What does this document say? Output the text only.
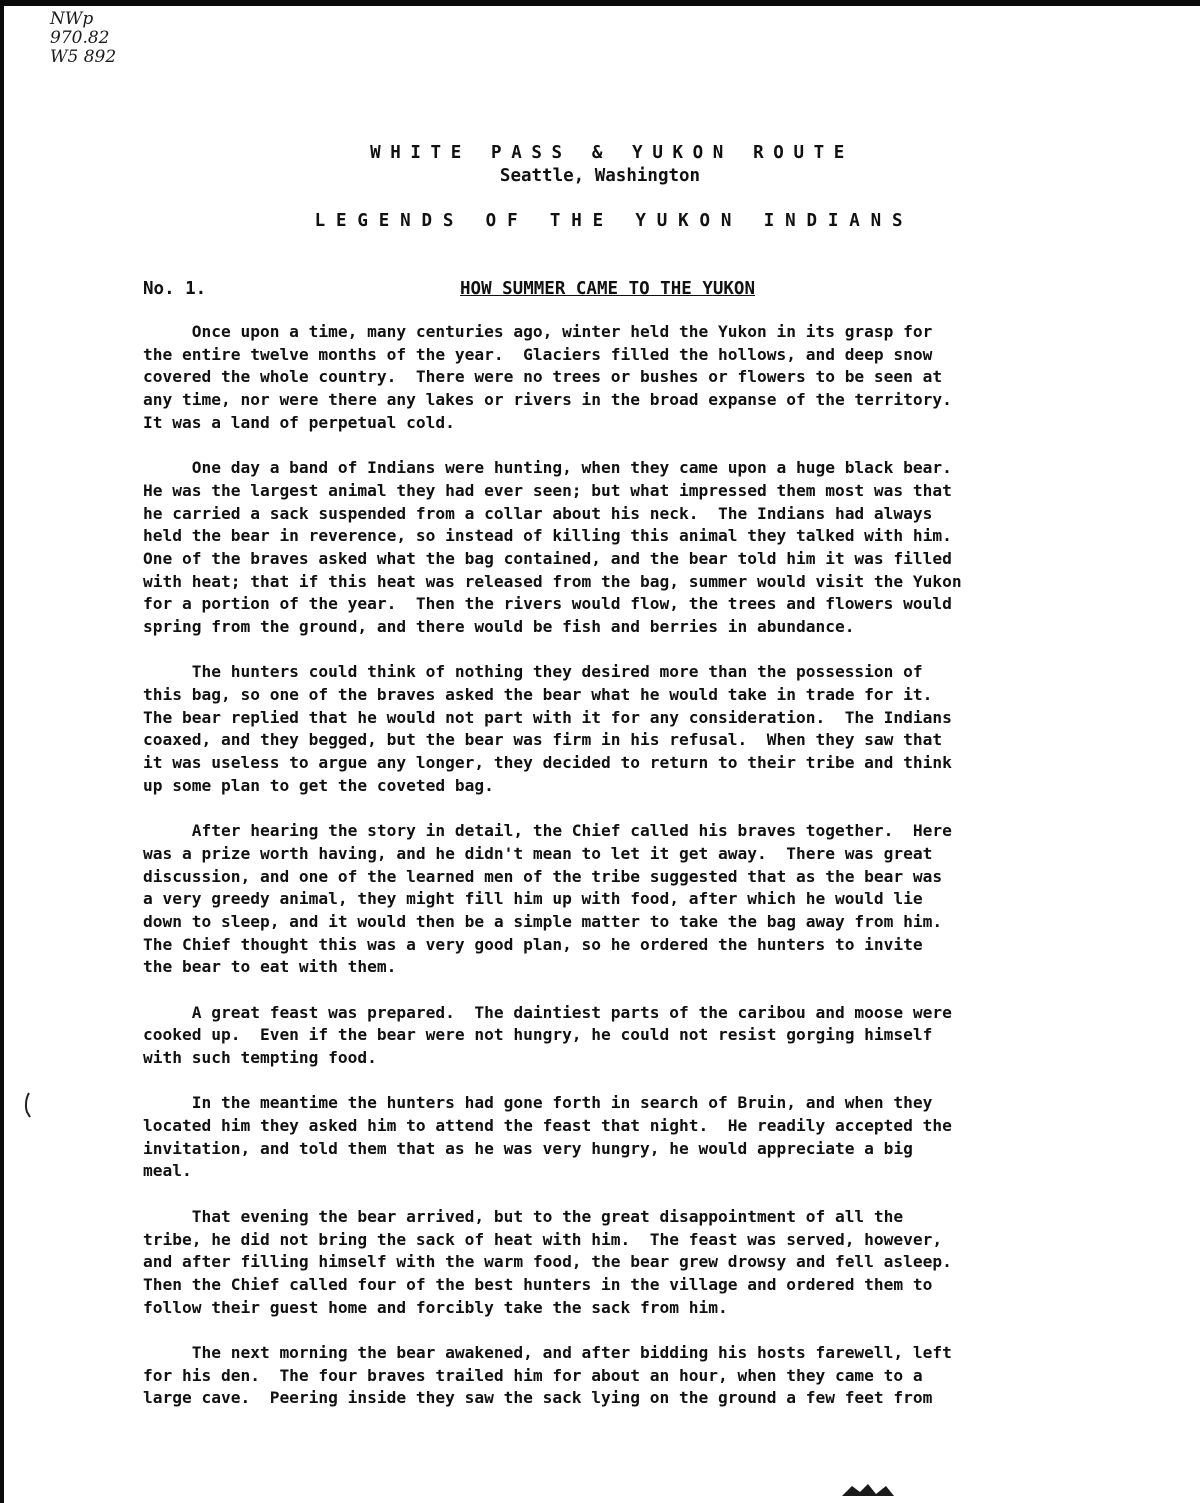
NWp
970.82
W5 892
WHITE PASS & YUKON ROUTE
Seattle, Washington
LEGENDS OF THE YUKON INDIANS
No. 1.	HOW SUMMER CAME TO THE YUKON
Once upon a time, many centuries ago, winter held the Yukon in its grasp for
the entire twelve months of the year.  Glaciers filled the hollows, and deep snow
covered the whole country.  There were no trees or bushes or flowers to be seen at
any time, nor were there any lakes or rivers in the broad expanse of the territory.
It was a land of perpetual cold.
One day a band of Indians were hunting, when they came upon a huge black bear.
He was the largest animal they had ever seen; but what impressed them most was that
he carried a sack suspended from a collar about his neck.  The Indians had always
held the bear in reverence, so instead of killing this animal they talked with him.
One of the braves asked what the bag contained, and the bear told him it was filled
with heat; that if this heat was released from the bag, summer would visit the Yukon
for a portion of the year.  Then the rivers would flow, the trees and flowers would
spring from the ground, and there would be fish and berries in abundance.
The hunters could think of nothing they desired more than the possession of
this bag, so one of the braves asked the bear what he would take in trade for it.
The bear replied that he would not part with it for any consideration.  The Indians
coaxed, and they begged, but the bear was firm in his refusal.  When they saw that
it was useless to argue any longer, they decided to return to their tribe and think
up some plan to get the coveted bag.
After hearing the story in detail, the Chief called his braves together.  Here
was a prize worth having, and he didn't mean to let it get away.  There was great
discussion, and one of the learned men of the tribe suggested that as the bear was
a very greedy animal, they might fill him up with food, after which he would lie
down to sleep, and it would then be a simple matter to take the bag away from him.
The Chief thought this was a very good plan, so he ordered the hunters to invite
the bear to eat with them.
A great feast was prepared.  The daintiest parts of the caribou and moose were
cooked up.  Even if the bear were not hungry, he could not resist gorging himself
with such tempting food.
In the meantime the hunters had gone forth in search of Bruin, and when they
located him they asked him to attend the feast that night.  He readily accepted the
invitation, and told them that as he was very hungry, he would appreciate a big
meal.
That evening the bear arrived, but to the great disappointment of all the
tribe, he did not bring the sack of heat with him.  The feast was served, however,
and after filling himself with the warm food, the bear grew drowsy and fell asleep.
Then the Chief called four of the best hunters in the village and ordered them to
follow their guest home and forcibly take the sack from him.
The next morning the bear awakened, and after bidding his hosts farewell, left
for his den.  The four braves trailed him for about an hour, when they came to a
large cave.  Peering inside they saw the sack lying on the ground a few feet from
